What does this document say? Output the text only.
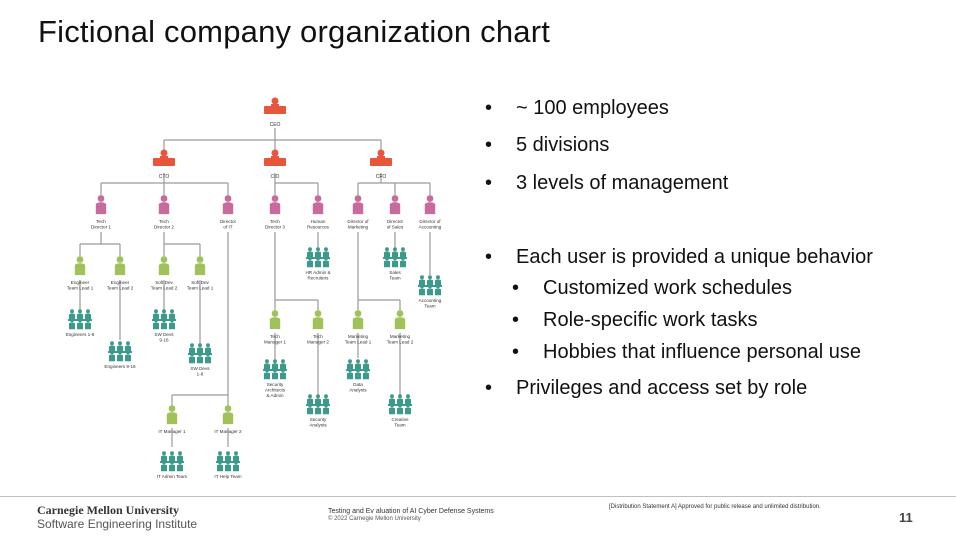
Fictional company organization chart
CEO
CTO	CIO	CFO
Tech
Director 1
Tech
Director 2
Director
of IT
Tech
Director 3
Human
Resources
Director of
Marketing
Director
of Sales
Director of
Accounting
Engineer
Team Lead 1
Engineer
Team Lead 2
Soft Dev
Team Lead 2
Soft Dev
Team Lead 1
Engineers 1-8
Engineers 9-16
SW Devs
9-16
SW Devs
1-8
HR Admin &
Recruiters
Sales
Team
Accounting
Team
Tech
Manager 1
Tech
Manager 2
Marketing
Team Lead 1
Marketing
Team Lead 2
Security
Architects
& Admin
Security
Analysts
Data
Analysts
Creative
Team
IT Manager 1	IT Manager 2
IT Admin Team	IT Help Team
• ~ 100 employees
• 5 divisions
• 3 levels of management
• Each user is provided a unique behavior
• Customized work schedules
• Role-specific work tasks
• Hobbies that influence personal use
• Privileges and access set by role
Carnegie Mellon University
Software Engineering Institute
Testing and Ev aluation of AI Cyber Defense Systems
© 2022 Carnegie Mellon University
[Distribution Statement A] Approved for public release and unlimited distribution.
11
